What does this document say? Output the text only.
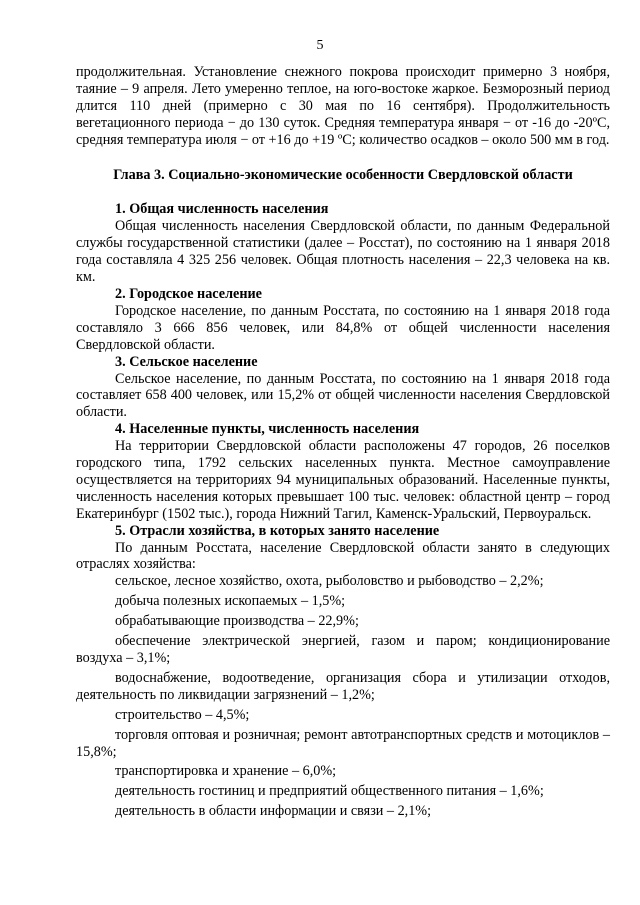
5

продолжительная. Установление снежного покрова происходит примерно 3 ноября, таяние – 9 апреля. Лето умеренно теплое, на юго-востоке жаркое. Безморозный период длится 110 дней (примерно с 30 мая по 16 сентября). Продолжительность вегетационного периода − до 130 суток. Средняя температура января − от -16 до -20ºС, средняя температура июля − от +16 до +19 ºС; количество осадков – около 500 мм в год.

Глава 3. Социально-экономические особенности Свердловской области

1. Общая численность населения

Общая численность населения Свердловской области, по данным Федеральной службы государственной статистики (далее – Росстат), по состоянию на 1 января 2018 года составляла 4 325 256 человек. Общая плотность населения – 22,3 человека на кв. км.

2. Городское население

Городское население, по данным Росстата, по состоянию на 1 января 2018 года составляло 3 666 856 человек, или 84,8% от общей численности населения Свердловской области.

3. Сельское население

Сельское население, по данным Росстата, по состоянию на 1 января 2018 года составляет 658 400 человек, или 15,2% от общей численности населения Свердловской области.

4. Населенные пункты, численность населения

На территории Свердловской области расположены 47 городов, 26 поселков городского типа, 1792 сельских населенных пункта. Местное самоуправление осуществляется на территориях 94 муниципальных образований. Населенные пункты, численность населения которых превышает 100 тыс. человек: областной центр – город Екатеринбург (1502 тыс.), города Нижний Тагил, Каменск-Уральский, Первоуральск.

5. Отрасли хозяйства, в которых занято население

По данным Росстата, население Свердловской области занято в следующих отраслях хозяйства:

сельское, лесное хозяйство, охота, рыболовство и рыбоводство – 2,2%;

добыча полезных ископаемых – 1,5%;

обрабатывающие производства – 22,9%;

обеспечение электрической энергией, газом и паром; кондиционирование воздуха – 3,1%;

водоснабжение, водоотведение, организация сбора и утилизации отходов, деятельность по ликвидации загрязнений – 1,2%;

строительство – 4,5%;

торговля оптовая и розничная; ремонт автотранспортных средств и мотоциклов – 15,8%;

транспортировка и хранение – 6,0%;

деятельность гостиниц и предприятий общественного питания – 1,6%;

деятельность в области информации и связи – 2,1%;
